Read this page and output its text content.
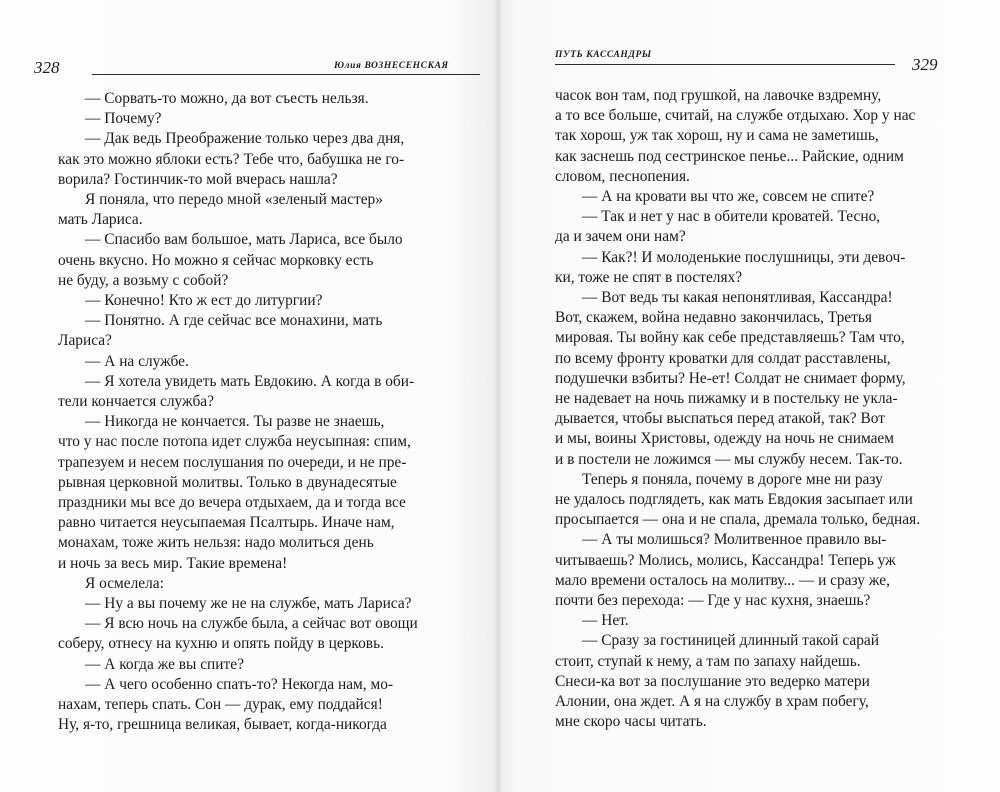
328	Юлия ВОЗНЕСЕНСКАЯ
— Сорвать-то можно, да вот съесть нельзя.
— Почему?
— Дак ведь Преображение только через два дня,
как это можно яблоки есть? Тебе что, бабушка не го-
ворила? Гостинчик-то мой вчерась нашла?
Я поняла, что передо мной «зеленый мастер»
мать Лариса.
— Спасибо вам большое, мать Лариса, все было
очень вкусно. Но можно я сейчас морковку есть
не буду, а возьму с собой?
— Конечно! Кто ж ест до литургии?
— Понятно. А где сейчас все монахини, мать
Лариса?
— А на службе.
— Я хотела увидеть мать Евдокию. А когда в оби-
тели кончается служба?
— Никогда не кончается. Ты разве не знаешь,
что у нас после потопа идет служба неусыпная: спим,
трапезуем и несем послушания по очереди, и не пре-
рывная церковной молитвы. Только в двунадесятые
праздники мы все до вечера отдыхаем, да и тогда все
равно читается неусыпаемая Псалтырь. Иначе нам,
монахам, тоже жить нельзя: надо молиться день
и ночь за весь мир. Такие времена!
Я осмелела:
— Ну а вы почему же не на службе, мать Лариса?
— Я всю ночь на службе была, а сейчас вот овощи
соберу, отнесу на кухню и опять пойду в церковь.
— А когда же вы спите?
— А чего особенно спать-то? Некогда нам, мо-
нахам, теперь спать. Сон — дурак, ему поддайся!
Ну, я-то, грешница великая, бывает, когда-никогда
ПУТЬ КАССАНДРЫ	329
часок вон там, под грушкой, на лавочке вздремну,
а то все больше, считай, на службе отдыхаю. Хор у нас
так хорош, уж так хорош, ну и сама не заметишь,
как заснешь под сестринское пенье... Райские, одним
словом, песнопения.
— А на кровати вы что же, совсем не спите?
— Так и нет у нас в обители кроватей. Тесно,
да и зачем они нам?
— Как?! И молоденькие послушницы, эти девоч-
ки, тоже не спят в постелях?
— Вот ведь ты какая непонятливая, Кассандра!
Вот, скажем, война недавно закончилась, Третья
мировая. Ты войну как себе представляешь? Там что,
по всему фронту кроватки для солдат расставлены,
подушечки взбиты? Не-ет! Солдат не снимает форму,
не надевает на ночь пижамку и в постельку не укла-
дывается, чтобы выспаться перед атакой, так? Вот
и мы, воины Христовы, одежду на ночь не снимаем
и в постели не ложимся — мы службу несем. Так-то.
Теперь я поняла, почему в дороге мне ни разу
не удалось подглядеть, как мать Евдокия засыпает или
просыпается — она и не спала, дремала только, бедная.
— А ты молишься? Молитвенное правило вы-
читываешь? Молись, молись, Кассандра! Теперь уж
мало времени осталось на молитву... — и сразу же,
почти без перехода: — Где у нас кухня, знаешь?
— Нет.
— Сразу за гостиницей длинный такой сарай
стоит, ступай к нему, а там по запаху найдешь.
Снеси-ка вот за послушание это ведерко матери
Алонии, она ждет. А я на службу в храм побегу,
мне скоро часы читать.
